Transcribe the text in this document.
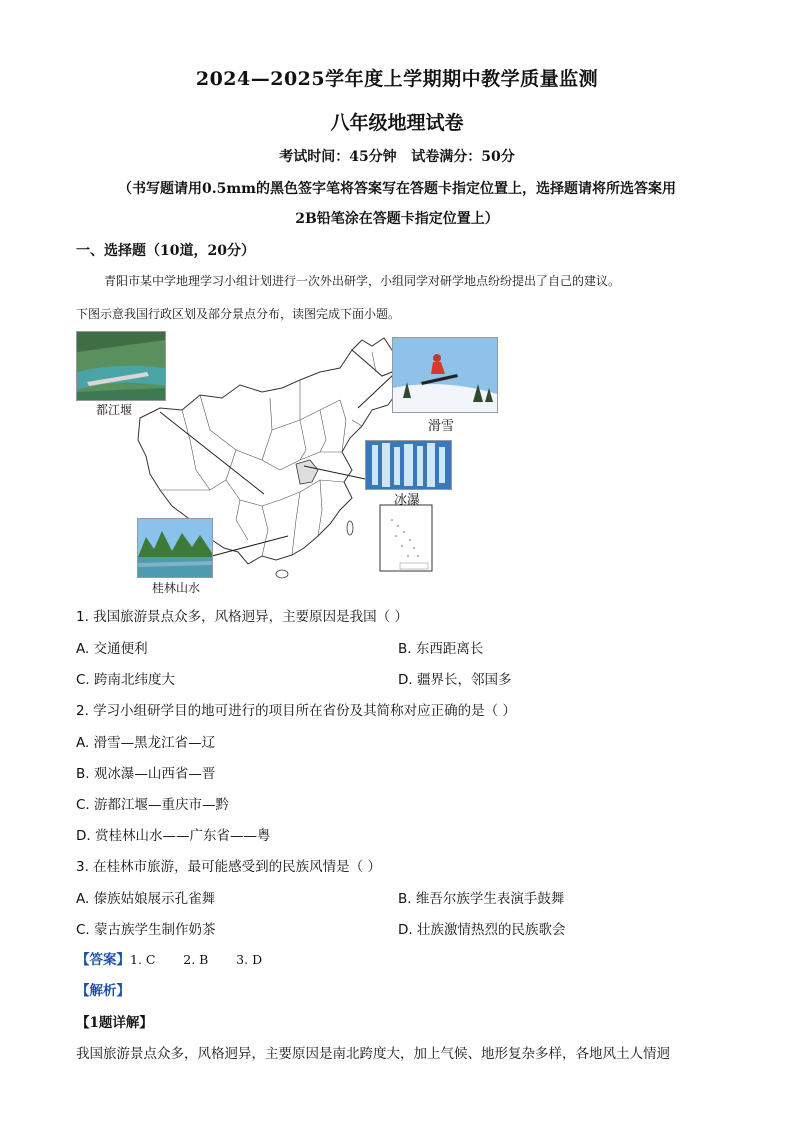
2024—2025学年度上学期期中教学质量监测
八年级地理试卷
考试时间：45分钟   试卷满分：50分
（书写题请用0.5mm的黑色签字笔将答案写在答题卡指定位置上，选择题请将所选答案用
2B铅笔涂在答题卡指定位置上）
一、选择题（10道，20分）
青阳市某中学地理学习小组计划进行一次外出研学，小组同学对研学地点纷纷提出了自己的建议。
下图示意我国行政区划及部分景点分布，读图完成下面小题。
都江堰
滑雪
冰瀑
桂林山水
1. 我国旅游景点众多，风格迥异，主要原因是我国（ ）
A. 交通便利	B. 东西距离长
C. 跨南北纬度大	D. 疆界长，邻国多
2. 学习小组研学目的地可进行的项目所在省份及其简称对应正确的是（ ）
A. 滑雪—黑龙江省—辽
B. 观冰瀑—山西省—晋
C. 游都江堰—重庆市—黔
D. 赏桂林山水——广东省——粤
3. 在桂林市旅游，最可能感受到的民族风情是（ ）
A. 傣族姑娘展示孔雀舞	B. 维吾尔族学生表演手鼓舞
C. 蒙古族学生制作奶茶	D. 壮族激情热烈的民族歌会
【答案】1. C       2. B       3. D
【解析】
【1题详解】
我国旅游景点众多，风格迥异，主要原因是南北跨度大，加上气候、地形复杂多样，各地风土人情迥
